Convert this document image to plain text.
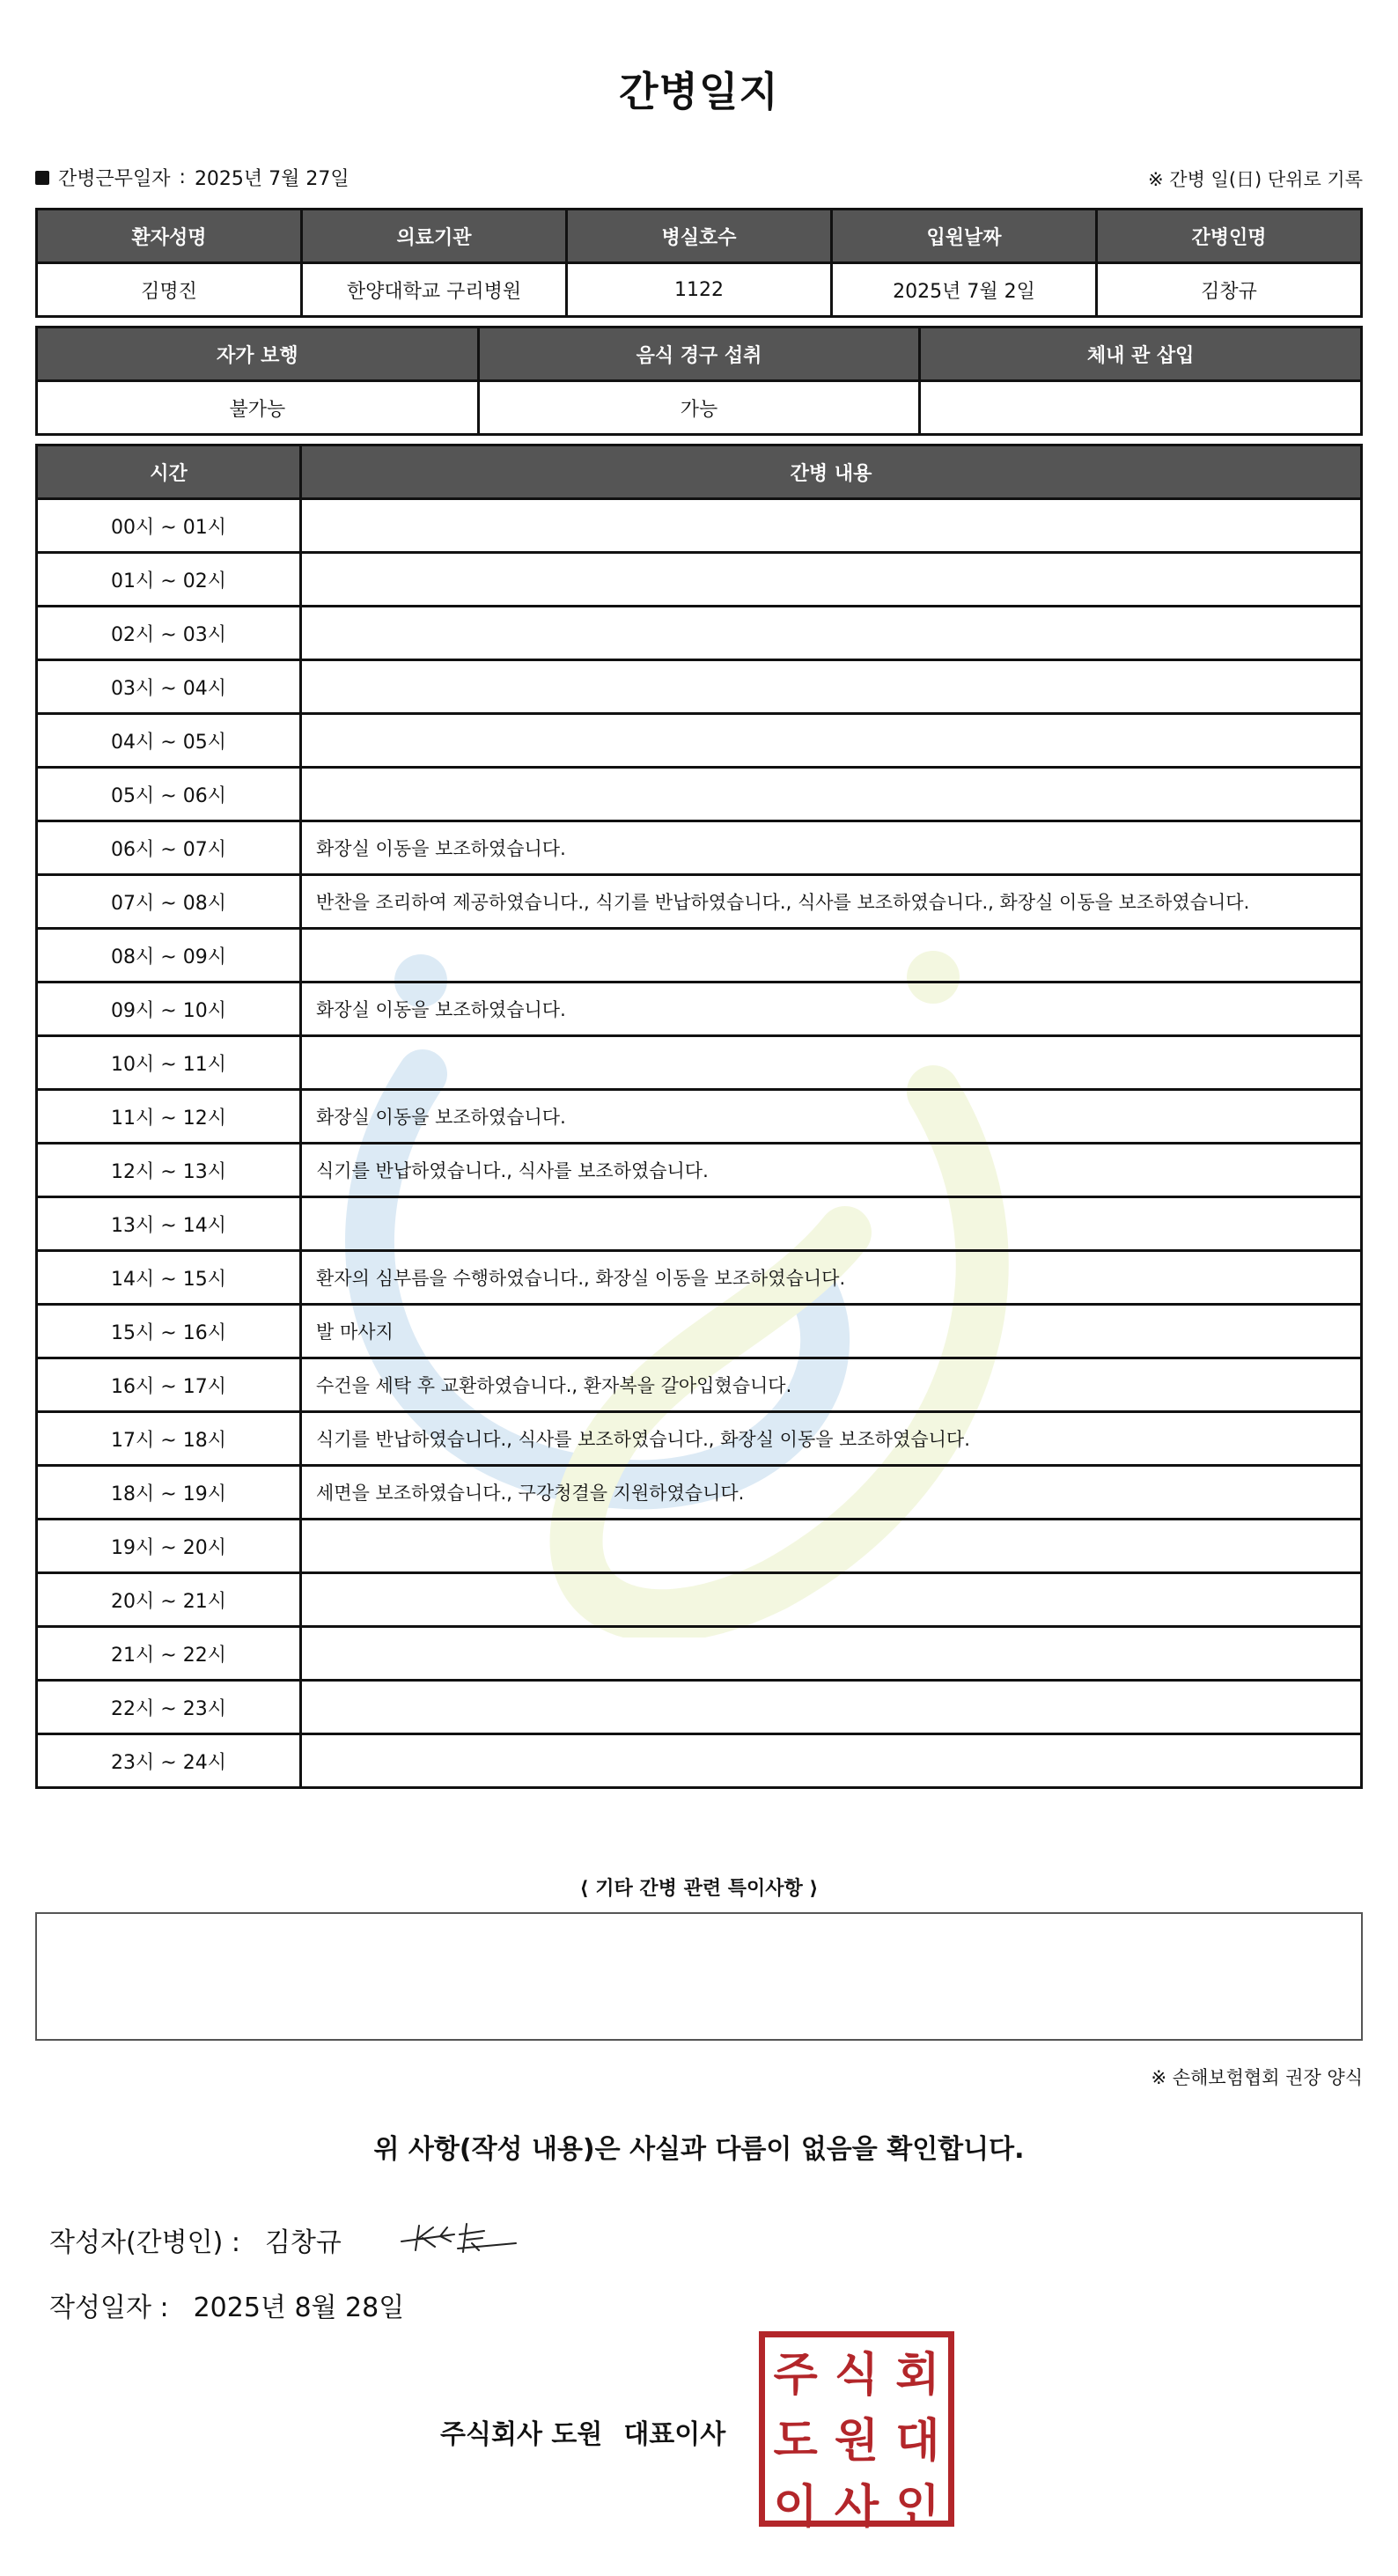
간병일지
간병근무일자 : 2025년 7월 27일	※ 간병 일(日) 단위로 기록
환자성명	의료기관	병실호수	입원날짜	간병인명
김명진	한양대학교 구리병원	1122	2025년 7월 2일	김창규
자가 보행	음식 경구 섭취	체내 관 삽입
불가능	가능	
시간	간병 내용
00시 ~ 01시	
01시 ~ 02시	
02시 ~ 03시	
03시 ~ 04시	
04시 ~ 05시	
05시 ~ 06시	
06시 ~ 07시	화장실 이동을 보조하였습니다.
07시 ~ 08시	반찬을 조리하여 제공하였습니다., 식기를 반납하였습니다., 식사를 보조하였습니다., 화장실 이동을 보조하였습니다.
08시 ~ 09시	
09시 ~ 10시	화장실 이동을 보조하였습니다.
10시 ~ 11시	
11시 ~ 12시	화장실 이동을 보조하였습니다.
12시 ~ 13시	식기를 반납하였습니다., 식사를 보조하였습니다.
13시 ~ 14시	
14시 ~ 15시	환자의 심부름을 수행하였습니다., 화장실 이동을 보조하였습니다.
15시 ~ 16시	발 마사지
16시 ~ 17시	수건을 세탁 후 교환하였습니다., 환자복을 갈아입혔습니다.
17시 ~ 18시	식기를 반납하였습니다., 식사를 보조하였습니다., 화장실 이동을 보조하였습니다.
18시 ~ 19시	세면을 보조하였습니다., 구강청결을 지원하였습니다.
19시 ~ 20시	
20시 ~ 21시	
21시 ~ 22시	
22시 ~ 23시	
23시 ~ 24시	
⟨ 기타 간병 관련 특이사항 ⟩
※ 손해보험협회 권장 양식
위 사항(작성 내용)은 사실과 다름이 없음을 확인합니다.
작성자(간병인) : 김창규
작성일자 : 2025년 8월 28일
주식회사 도원 대표이사
주 식 회
도 원 대
이 사 인
